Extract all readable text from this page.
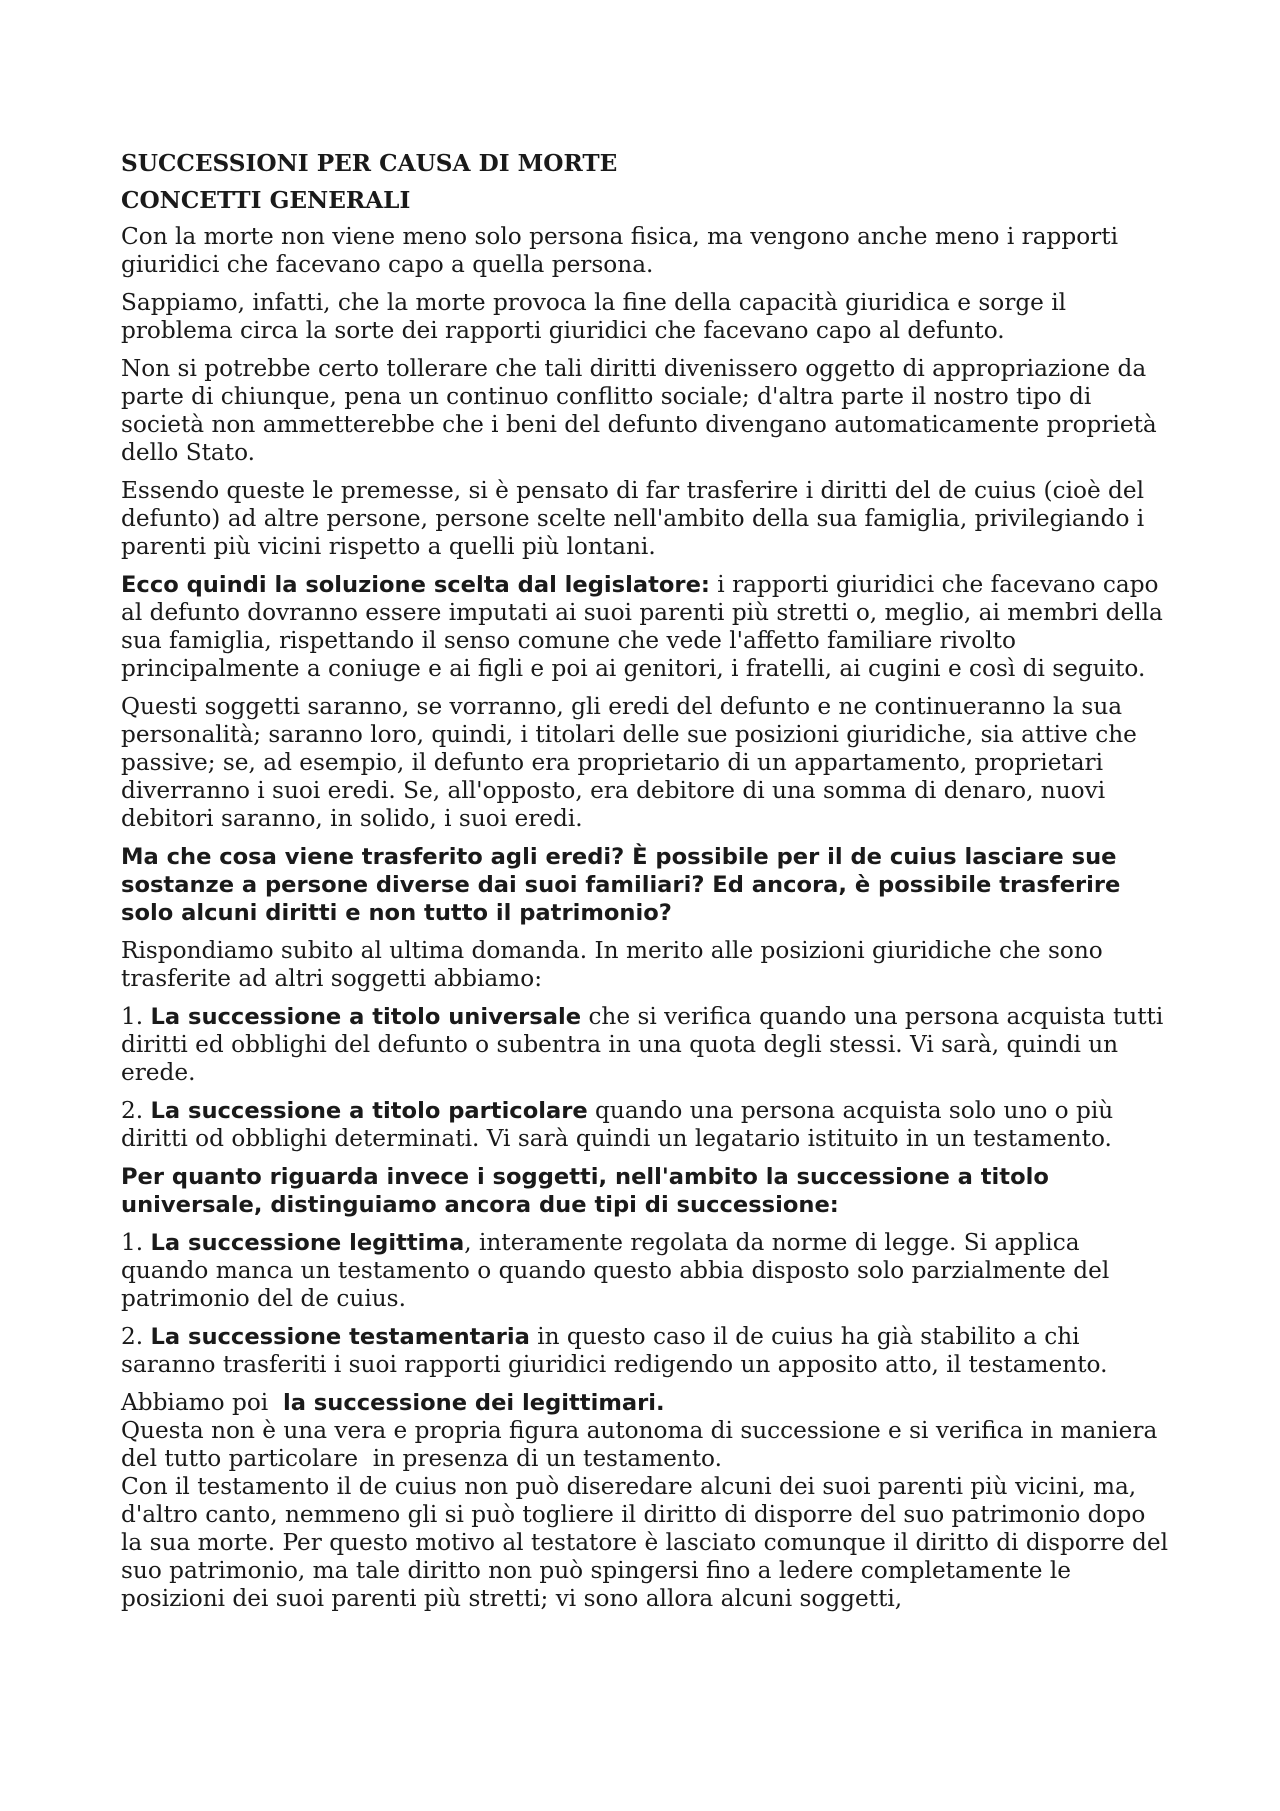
SUCCESSIONI PER CAUSA DI MORTE
CONCETTI GENERALI

Con la morte non viene meno solo persona fisica, ma vengono anche meno i rapporti giuridici che facevano capo a quella persona.

Sappiamo, infatti, che la morte provoca la fine della capacità giuridica e sorge il problema circa la sorte dei rapporti giuridici che facevano capo al defunto.

Non si potrebbe certo tollerare che tali diritti divenissero oggetto di appropriazione da parte di chiunque, pena un continuo conflitto sociale; d'altra parte il nostro tipo di società non ammetterebbe che i beni del defunto divengano automaticamente proprietà dello Stato.

Essendo queste le premesse, si è pensato di far trasferire i diritti del de cuius (cioè del defunto) ad altre persone, persone scelte nell'ambito della sua famiglia, privilegiando i parenti più vicini rispetto a quelli più lontani.

Ecco quindi la soluzione scelta dal legislatore: i rapporti giuridici che facevano capo al defunto dovranno essere imputati ai suoi parenti più stretti o, meglio, ai membri della sua famiglia, rispettando il senso comune che vede l'affetto familiare rivolto principalmente a coniuge e ai figli e poi ai genitori, i fratelli, ai cugini e così di seguito.

Questi soggetti saranno, se vorranno, gli eredi del defunto e ne continueranno la sua personalità; saranno loro, quindi, i titolari delle sue posizioni giuridiche, sia attive che passive; se, ad esempio, il defunto era proprietario di un appartamento, proprietari diverranno i suoi eredi. Se, all'opposto, era debitore di una somma di denaro, nuovi debitori saranno, in solido, i suoi eredi.

Ma che cosa viene trasferito agli eredi? È possibile per il de cuius lasciare sue sostanze a persone diverse dai suoi familiari? Ed ancora, è possibile trasferire solo alcuni diritti e non tutto il patrimonio?

Rispondiamo subito al ultima domanda. In merito alle posizioni giuridiche che sono trasferite ad altri soggetti abbiamo:

1. La successione a titolo universale che si verifica quando una persona acquista tutti diritti ed obblighi del defunto o subentra in una quota degli stessi. Vi sarà, quindi un erede.

2. La successione a titolo particolare quando una persona acquista solo uno o più diritti od obblighi determinati. Vi sarà quindi un legatario istituito in un testamento.

Per quanto riguarda invece i soggetti, nell'ambito la successione a titolo universale, distinguiamo ancora due tipi di successione:

1. La successione legittima, interamente regolata da norme di legge. Si applica quando manca un testamento o quando questo abbia disposto solo parzialmente del patrimonio del de cuius.

2. La successione testamentaria in questo caso il de cuius ha già stabilito a chi saranno trasferiti i suoi rapporti giuridici redigendo un apposito atto, il testamento.

Abbiamo poi  la successione dei legittimari.

Questa non è una vera e propria figura autonoma di successione e si verifica in maniera del tutto particolare  in presenza di un testamento.

Con il testamento il de cuius non può diseredare alcuni dei suoi parenti più vicini, ma, d'altro canto, nemmeno gli si può togliere il diritto di disporre del suo patrimonio dopo la sua morte. Per questo motivo al testatore è lasciato comunque il diritto di disporre del suo patrimonio, ma tale diritto non può spingersi fino a ledere completamente le posizioni dei suoi parenti più stretti; vi sono allora alcuni soggetti,
